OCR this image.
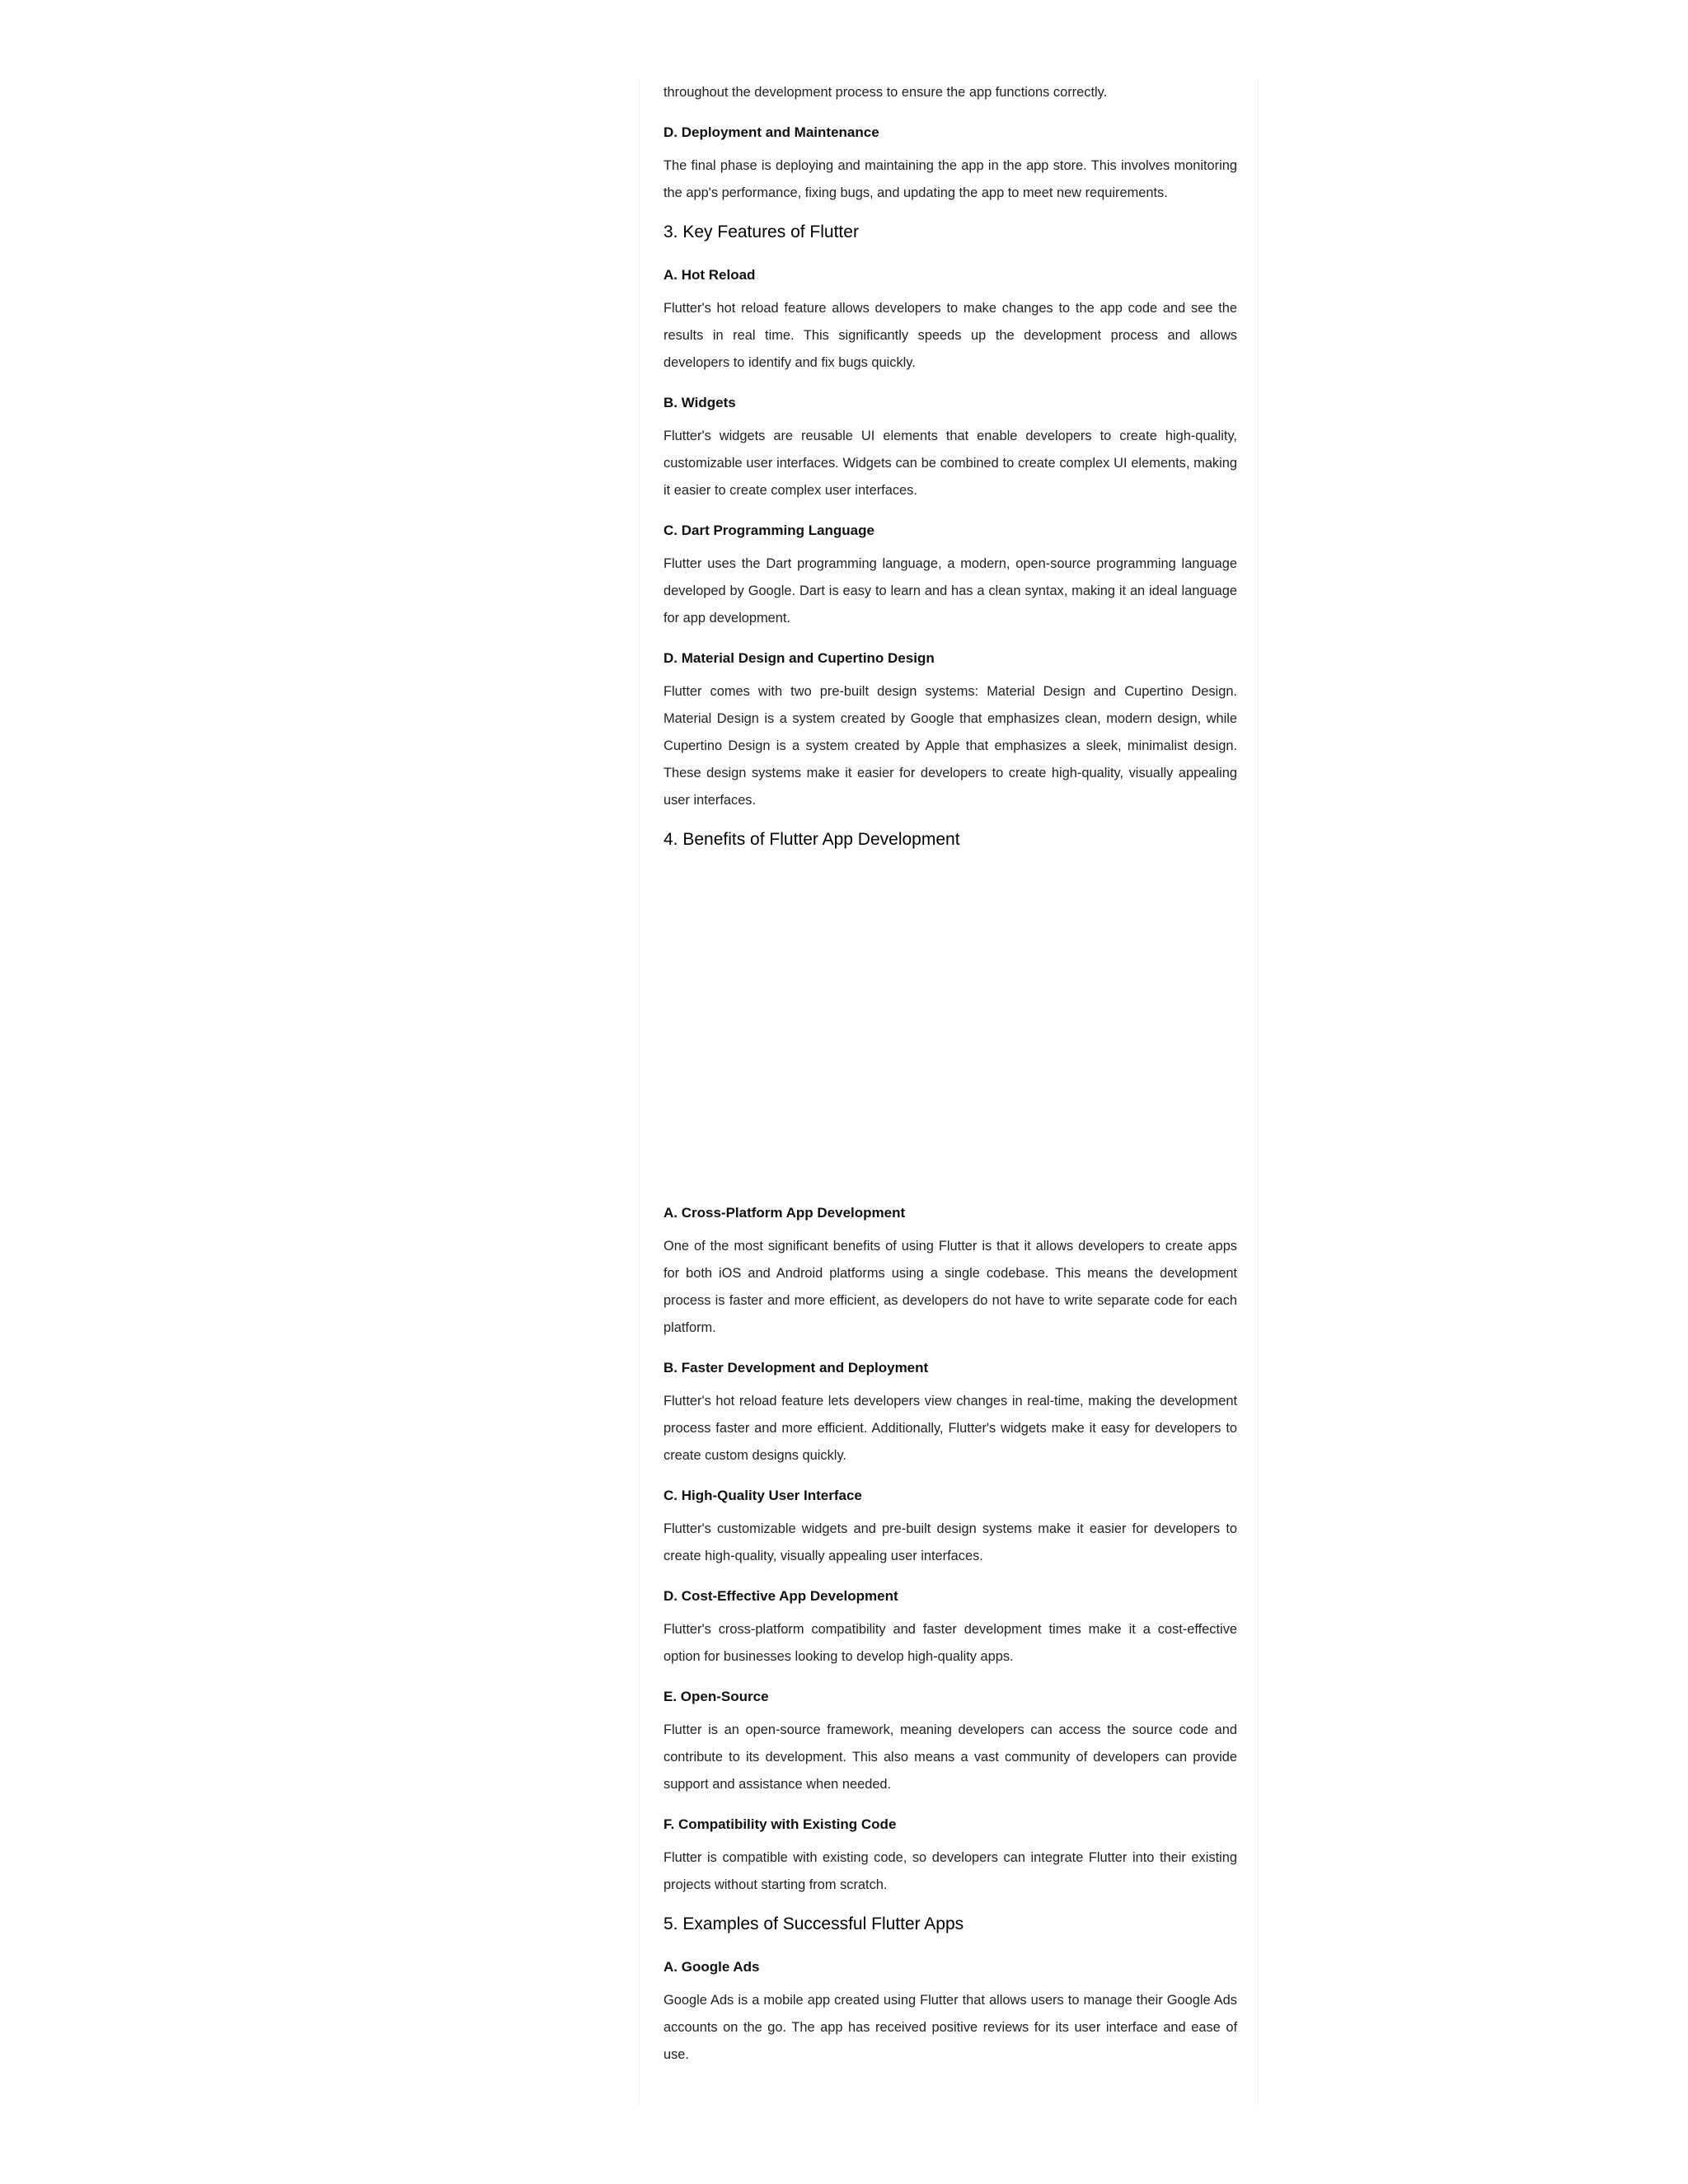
throughout the development process to ensure the app functions correctly.

D. Deployment and Maintenance

The final phase is deploying and maintaining the app in the app store. This involves monitoring the app's performance, fixing bugs, and updating the app to meet new requirements.

3. Key Features of Flutter
A. Hot Reload

Flutter's hot reload feature allows developers to make changes to the app code and see the results in real time. This significantly speeds up the development process and allows developers to identify and fix bugs quickly.

B. Widgets

Flutter's widgets are reusable UI elements that enable developers to create high-quality, customizable user interfaces. Widgets can be combined to create complex UI elements, making it easier to create complex user interfaces.

C. Dart Programming Language

Flutter uses the Dart programming language, a modern, open-source programming language developed by Google. Dart is easy to learn and has a clean syntax, making it an ideal language for app development.

D. Material Design and Cupertino Design

Flutter comes with two pre-built design systems: Material Design and Cupertino Design. Material Design is a system created by Google that emphasizes clean, modern design, while Cupertino Design is a system created by Apple that emphasizes a sleek, minimalist design. These design systems make it easier for developers to create high-quality, visually appealing user interfaces.

4. Benefits of Flutter App Development
A. Cross-Platform App Development

One of the most significant benefits of using Flutter is that it allows developers to create apps for both iOS and Android platforms using a single codebase. This means the development process is faster and more efficient, as developers do not have to write separate code for each platform.

B. Faster Development and Deployment

Flutter's hot reload feature lets developers view changes in real-time, making the development process faster and more efficient. Additionally, Flutter's widgets make it easy for developers to create custom designs quickly.

C. High-Quality User Interface

Flutter's customizable widgets and pre-built design systems make it easier for developers to create high-quality, visually appealing user interfaces.

D. Cost-Effective App Development

Flutter's cross-platform compatibility and faster development times make it a cost-effective option for businesses looking to develop high-quality apps.

E. Open-Source

Flutter is an open-source framework, meaning developers can access the source code and contribute to its development. This also means a vast community of developers can provide support and assistance when needed.

F. Compatibility with Existing Code

Flutter is compatible with existing code, so developers can integrate Flutter into their existing projects without starting from scratch.

5. Examples of Successful Flutter Apps
A. Google Ads

Google Ads is a mobile app created using Flutter that allows users to manage their Google Ads accounts on the go. The app has received positive reviews for its user interface and ease of use.
